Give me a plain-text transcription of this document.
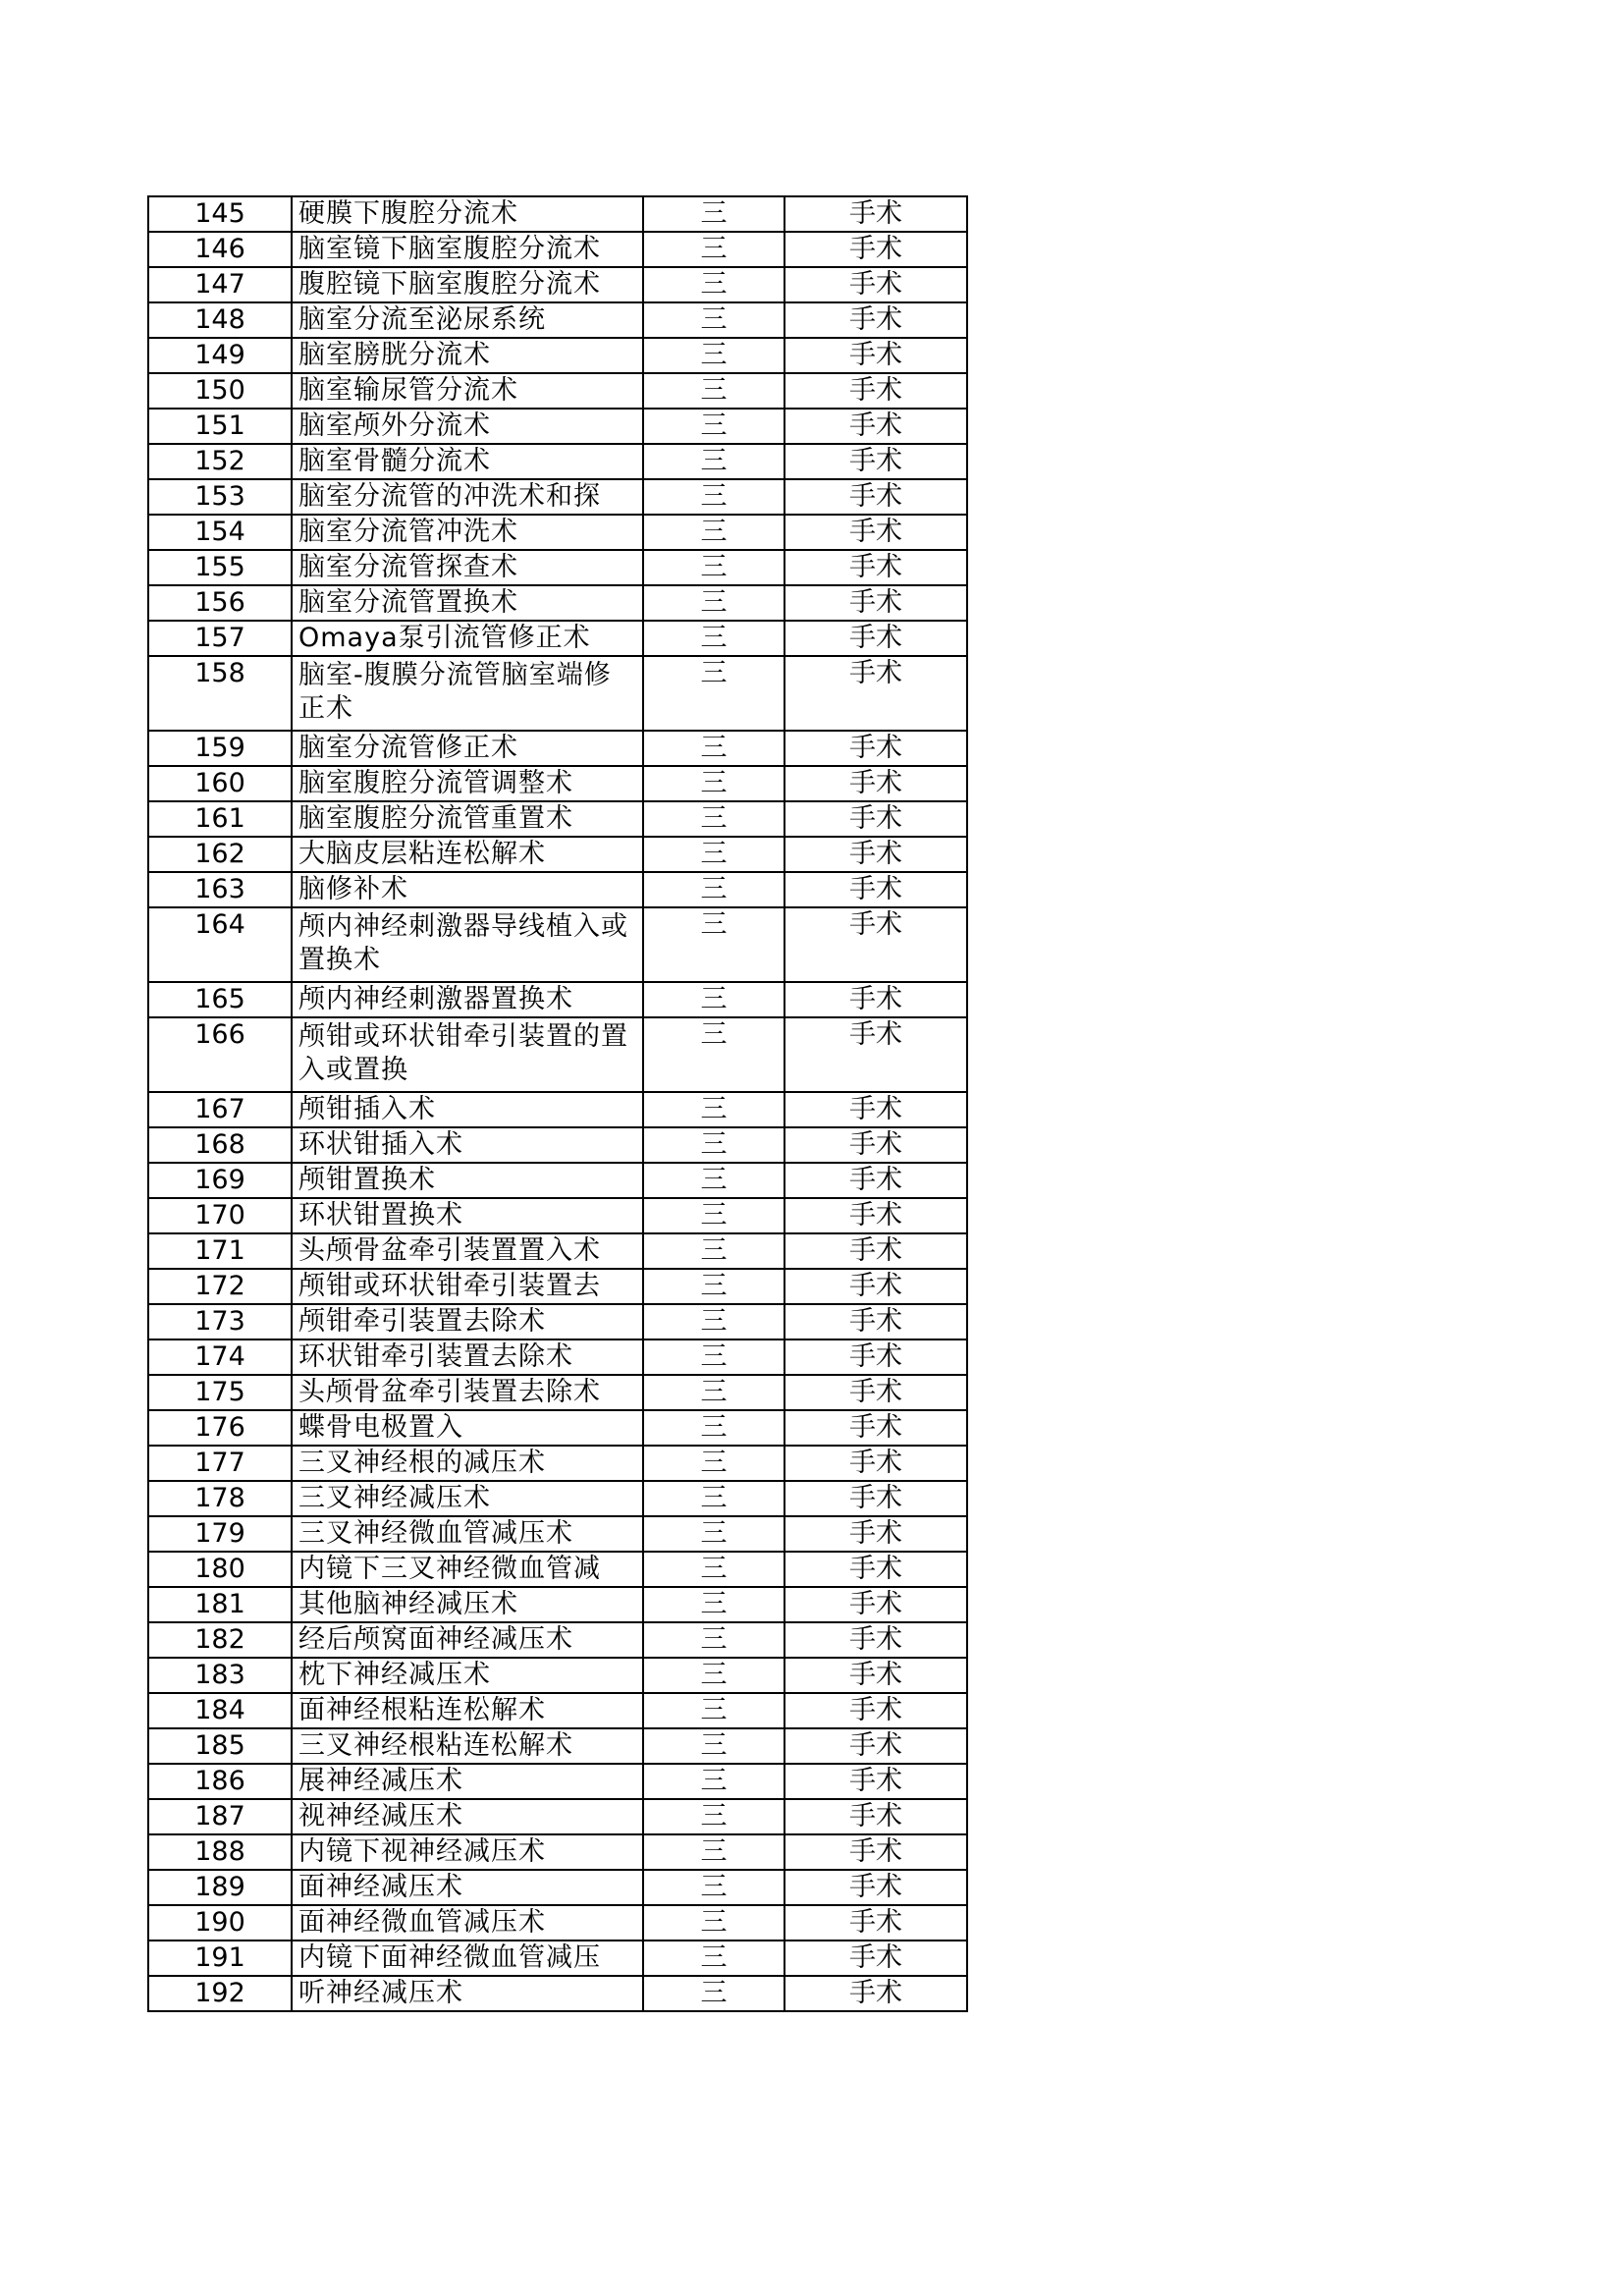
145	硬膜下腹腔分流术	三	手术
146	脑室镜下脑室腹腔分流术	三	手术
147	腹腔镜下脑室腹腔分流术	三	手术
148	脑室分流至泌尿系统	三	手术
149	脑室膀胱分流术	三	手术
150	脑室输尿管分流术	三	手术
151	脑室颅外分流术	三	手术
152	脑室骨髓分流术	三	手术
153	脑室分流管的冲洗术和探	三	手术
154	脑室分流管冲洗术	三	手术
155	脑室分流管探查术	三	手术
156	脑室分流管置换术	三	手术
157	Omaya泵引流管修正术	三	手术
158	脑室-腹膜分流管脑室端修正术	三	手术
159	脑室分流管修正术	三	手术
160	脑室腹腔分流管调整术	三	手术
161	脑室腹腔分流管重置术	三	手术
162	大脑皮层粘连松解术	三	手术
163	脑修补术	三	手术
164	颅内神经刺激器导线植入或置换术	三	手术
165	颅内神经刺激器置换术	三	手术
166	颅钳或环状钳牵引装置的置入或置换	三	手术
167	颅钳插入术	三	手术
168	环状钳插入术	三	手术
169	颅钳置换术	三	手术
170	环状钳置换术	三	手术
171	头颅骨盆牵引装置置入术	三	手术
172	颅钳或环状钳牵引装置去	三	手术
173	颅钳牵引装置去除术	三	手术
174	环状钳牵引装置去除术	三	手术
175	头颅骨盆牵引装置去除术	三	手术
176	蝶骨电极置入	三	手术
177	三叉神经根的减压术	三	手术
178	三叉神经减压术	三	手术
179	三叉神经微血管减压术	三	手术
180	内镜下三叉神经微血管减	三	手术
181	其他脑神经减压术	三	手术
182	经后颅窝面神经减压术	三	手术
183	枕下神经减压术	三	手术
184	面神经根粘连松解术	三	手术
185	三叉神经根粘连松解术	三	手术
186	展神经减压术	三	手术
187	视神经减压术	三	手术
188	内镜下视神经减压术	三	手术
189	面神经减压术	三	手术
190	面神经微血管减压术	三	手术
191	内镜下面神经微血管减压	三	手术
192	听神经减压术	三	手术
